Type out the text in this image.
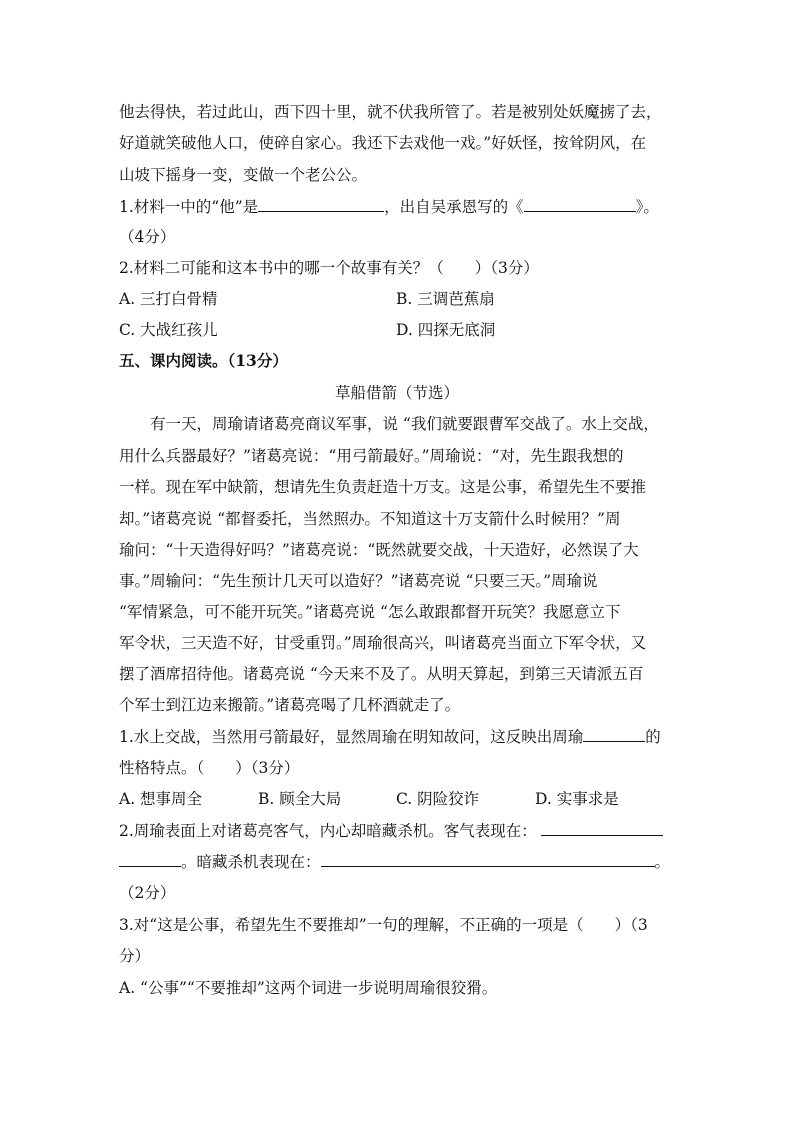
他去得快，若过此山，西下四十里，就不伏我所管了。若是被别处妖魔掳了去，
好道就笑破他人口，使碎自家心。我还下去戏他一戏。”好妖怪，按耸阴风，在
山坡下摇身一变，变做一个老公公。
1.材料一中的“他”是	，出自吴承恩写的《	》。
（4分）
2.材料二可能和这本书中的哪一个故事有关？（　　）（3分）
A. 三打白骨精	B. 三调芭蕉扇
C. 大战红孩儿	D. 四探无底洞
五、课内阅读。（13分）
草船借箭（节选）
有一天，周瑜请诸葛亮商议军事，说 “我们就要跟曹军交战了。水上交战，
用什么兵器最好？”诸葛亮说：“用弓箭最好。”周瑜说：“对，先生跟我想的
一样。现在军中缺箭，想请先生负责赶造十万支。这是公事，希望先生不要推
却。”诸葛亮说 “都督委托，当然照办。不知道这十万支箭什么时候用？”周
瑜问：“十天造得好吗？”诸葛亮说：“既然就要交战，十天造好，必然误了大
事。”周输问：“先生预计几天可以造好？”诸葛亮说 “只要三天。”周瑜说
“军情紧急，可不能开玩笑。”诸葛亮说 “怎么敢跟都督开玩笑？我愿意立下
军令状，三天造不好，甘受重罚。”周瑜很高兴，叫诸葛亮当面立下军令状，又
摆了酒席招待他。诸葛亮说 “今天来不及了。从明天算起，到第三天请派五百
个军士到江边来搬箭。”诸葛亮喝了几杯酒就走了。
1.水上交战，当然用弓箭最好，显然周瑜在明知故问，这反映出周瑜	的
性格特点。（　　）（3分）
A. 想事周全	B. 顾全大局	C. 阴险狡诈	D. 实事求是
2.周瑜表面上对诸葛亮客气，内心却暗藏杀机。客气表现在：
。暗藏杀机表现在：	。
（2分）
3.对“这是公事，希望先生不要推却”一句的理解，不正确的一项是（　　）（3
分）
A. “公事”“不要推却”这两个词进一步说明周瑜很狡猾。
